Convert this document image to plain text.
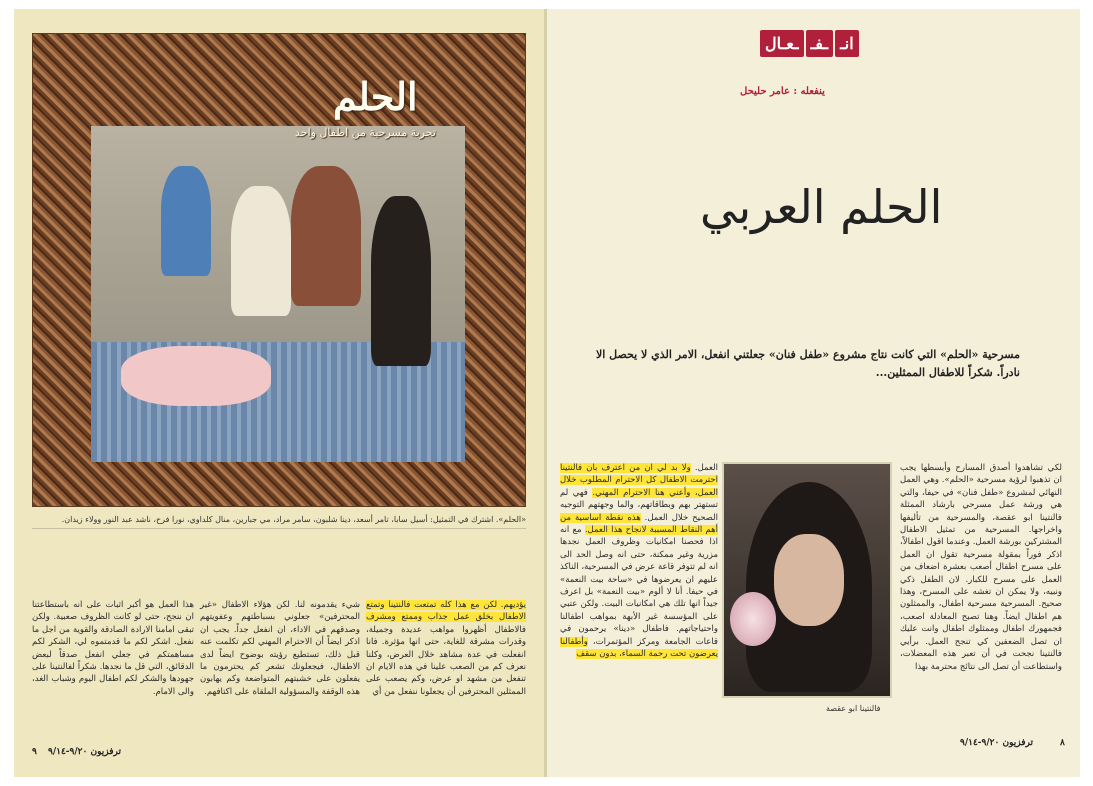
الحلم
تجربة مسرحية من اطفال واحد
«الحلم». اشترك في التمثيل: أسيل سابا، تامر أسعد، دينا شلبون، سامر مراد، مي جبارين، منال كلداوي، نورا فرح، ناشد عبد النور وولاء زيدان.
يؤديهم. لكن مع هذا كله تمتعت فالنتينا وتمتع الاطفال بخلق عمل جذاب وممتع ومشرف فالاطفال أظهروا مواهب عديدة وجميلة، وقدرات مشرقة للغاية، حتى انها مؤثرة. فانا انفعلت في عدة مشاهد خلال العرض، وكلنا نعرف كم من الصعب علينا في هذه الايام ان تنفعل من مشهد او عرض، وكم يصعب على الممثلين المحترفين أن يجعلونا ننفعل من أي
شيء يقدمونه لنا. لكن هؤلاء الاطفال «غير المحترفين» جعلوني بسباطتهم وعفويتهم وصدقهم في الاداء، ان انفعل جداً. يجب ان اذكر ايضاً أن الاحترام المهني لكم تكلمت عنه قبل ذلك، تستطيع رؤيته بوضوح ايضاً لدى الاطفال، فيجعلونك تشعر كم يحترمون ما يفعلون على خشبتهم المتواضعة وكم يهابون هذه الوقفة والمسؤولية الملقاة على اكتافهم.
هذا العمل هو أكبر اثبات على انه باستطاعتنا ان ننجح، حتى لو كانت الظروف صعبية. ولكن تبقى امامنا الارادة الصادقة والقوية من اجل ما نفعل. اشكر لكم ما قدمتموه لي، الشكر لكم مساهمتكم في جعلي انفعل صدقاً لبعض الدقائق، التي قل ما نجدها. شكراً لفالنتينا على جهودها والشكر لكم اطفال اليوم وشباب الغد، والى الامام.
٩ ترفزيون ٩/٢٠-٩/١٤
انـ
ـفـ
ـعـال
ينفعله : عامر حليحل
الحلم العربي
مسرحية «الحلم» التي كانت نتاج مشروع «طفل فنان» جعلتني انفعل، الامر الذي لا يحصل الا نادراً. شكراً للاطفال الممثلين...
العمل. ولا بد لي ان من اعترف بان فالنتينا احترمت الاطفال كل الاحترام المطلوب خلال العمل، وأعني هنا الاحترام المهني. فهي لم تستهتر بهم وبطاقاتهم، والما وجهتهم التوجيه الصحيح خلال العمل. هذه نقطة اساسية من أهم النقاط المسببة لانجاح هذا العمل. مع انه اذا فحصنا امكانيات وظروف العمل نجدها مزرية وغير ممكنة، حتى انه وصل الحد الى انه لم تتوفر قاعة عرض في المسرحية، الناكذ عليهم ان يعرضوها في «ساحة بيت النعمة» في حيفا. أنا لا ألوم «بيت النعمة» بل اعرف جيداً انها تلك هي امكانيات البيت. ولكن عتبي على المؤسسة غير الأبهة بمواهب اطفالنا واحتياجاتهم. فاطفال «دينا» يرحمون في قاعات الجامعة ومركز المؤتمرات، وأطفالنا يعرضون تحت رحمة السماء، بدون سقف
فالنتينا ابو عقصة
لكي تشاهدوا أصدق المسارح وأبسطها يجب ان تذهبوا لرؤية مسرحية «الحلم». وهي العمل النهائي لمشروع «طفل فنان» في حيفا، والتي هي ورشة عمل مسرحي بارشاد الممثلة فالنتينا ابو عقصة، والمسرحية من تأليفها واخراجها. المسرحية من تمثيل الاطفال المشتركين بورشة العمل. وعندما اقول اطفالاً، اذكر فوراً بمقولة مسرحية تقول ان العمل على مسرح اطفال أصعب بعشرة اضعاف من العمل على مسرح للكبار. لان الطفل ذكي ونبيه، ولا يمكن ان تغشه على المسرح، وهذا صحيح. المسرحية مسرحية اطفال، والممثلون هم اطفال ايضاً. وهنا تصبح المعادلة اصعب، فجمهورك اطفال وممثلوك اطفال وانت عليك ان تصل الضعفين كي تنجح العمل. برأيي فالنتينا نجحت في أن تعبر هذه المعضلات، واستطاعت أن تصل الى نتائج محترمة بهذا
ترفزيون ٩/٢٠-٩/١٤	٨
